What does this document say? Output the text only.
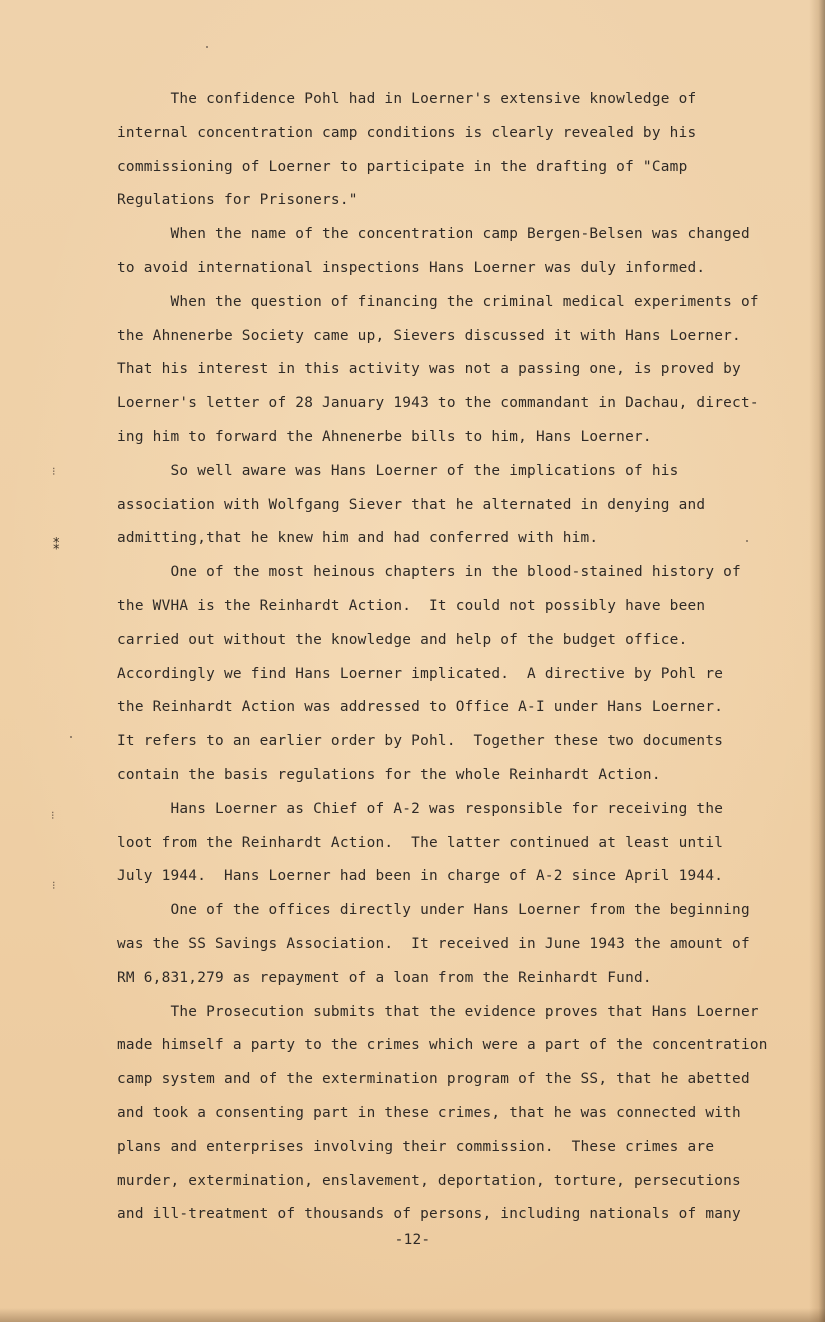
⁝
⁑
⁝
⁝
The confidence Pohl had in Loerner's extensive knowledge of
internal concentration camp conditions is clearly revealed by his
commissioning of Loerner to participate in the drafting of "Camp
Regulations for Prisoners."
When the name of the concentration camp Bergen-Belsen was changed
to avoid international inspections Hans Loerner was duly informed.
When the question of financing the criminal medical experiments of
the Ahnenerbe Society came up, Sievers discussed it with Hans Loerner.
That his interest in this activity was not a passing one, is proved by
Loerner's letter of 28 January 1943 to the commandant in Dachau, direct-
ing him to forward the Ahnenerbe bills to him, Hans Loerner.
So well aware was Hans Loerner of the implications of his
association with Wolfgang Siever that he alternated in denying and
admitting,that he knew him and had conferred with him.
One of the most heinous chapters in the blood-stained history of
the WVHA is the Reinhardt Action.  It could not possibly have been
carried out without the knowledge and help of the budget office.
Accordingly we find Hans Loerner implicated.  A directive by Pohl re
the Reinhardt Action was addressed to Office A-I under Hans Loerner.
It refers to an earlier order by Pohl.  Together these two documents
contain the basis regulations for the whole Reinhardt Action.
Hans Loerner as Chief of A-2 was responsible for receiving the
loot from the Reinhardt Action.  The latter continued at least until
July 1944.  Hans Loerner had been in charge of A-2 since April 1944.
One of the offices directly under Hans Loerner from the beginning
was the SS Savings Association.  It received in June 1943 the amount of
RM 6,831,279 as repayment of a loan from the Reinhardt Fund.
The Prosecution submits that the evidence proves that Hans Loerner
made himself a party to the crimes which were a part of the concentration
camp system and of the extermination program of the SS, that he abetted
and took a consenting part in these crimes, that he was connected with
plans and enterprises involving their commission.  These crimes are
murder, extermination, enslavement, deportation, torture, persecutions
and ill-treatment of thousands of persons, including nationals of many
-12-
